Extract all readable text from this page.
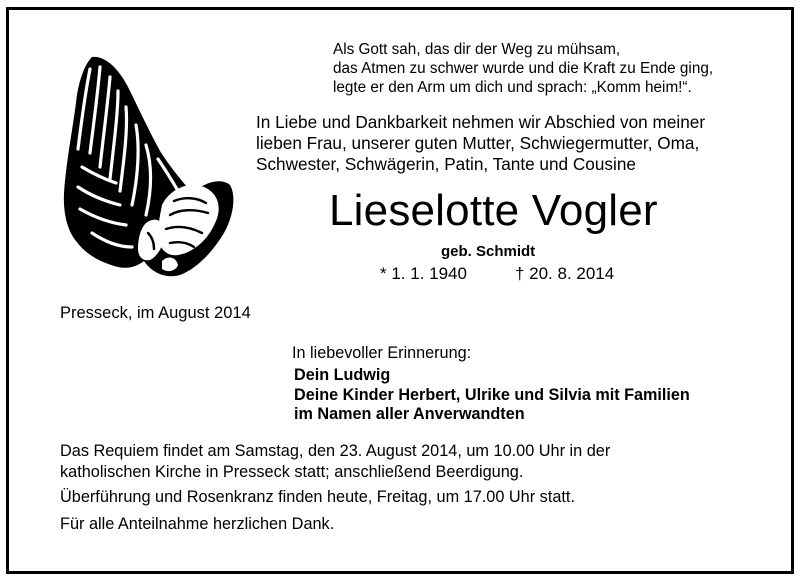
Als Gott sah, das dir der Weg zu mühsam,
das Atmen zu schwer wurde und die Kraft zu Ende ging,
legte er den Arm um dich und sprach: „Komm heim!“.
In Liebe und Dankbarkeit nehmen wir Abschied von meiner
lieben Frau, unserer guten Mutter, Schwiegermutter, Oma,
Schwester, Schwägerin, Patin, Tante und Cousine
Lieselotte Vogler
geb. Schmidt
* 1. 1. 1940	† 20. 8. 2014
Presseck, im August 2014
In liebevoller Erinnerung:
Dein Ludwig
Deine Kinder Herbert, Ulrike und Silvia mit Familien
im Namen aller Anverwandten
Das Requiem findet am Samstag, den 23. August 2014, um 10.00 Uhr in der
katholischen Kirche in Presseck statt; anschließend Beerdigung.
Überführung und Rosenkranz finden heute, Freitag, um 17.00 Uhr statt.
Für alle Anteilnahme herzlichen Dank.
